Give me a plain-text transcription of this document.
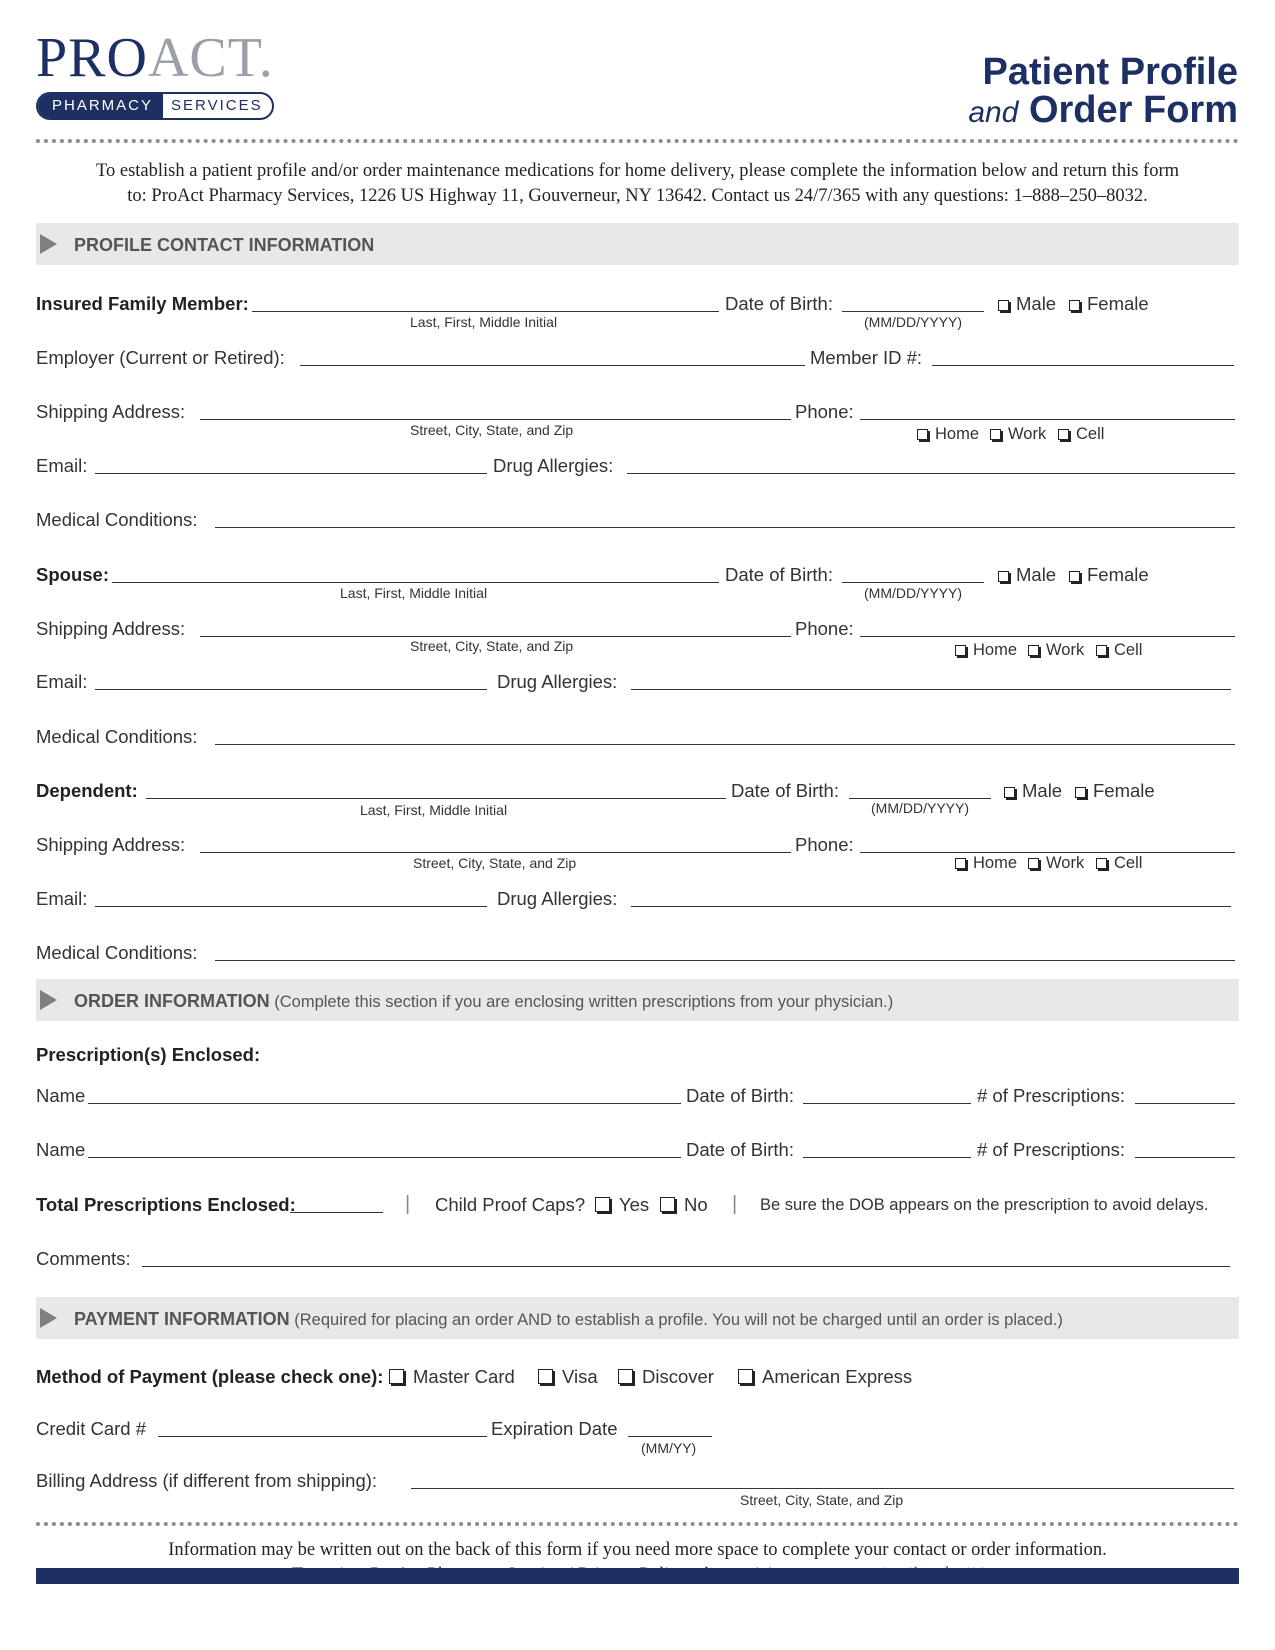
PROACT.
PHARMACY	SERVICES
Patient Profile
and Order Form
To establish a patient profile and/or order maintenance medications for home delivery, please complete the information below and return this form
to: ProAct Pharmacy Services, 1226 US Highway 11, Gouverneur, NY 13642. Contact us 24/7/365 with any questions: 1–888–250–8032.
PROFILE CONTACT INFORMATION
Insured Family Member:
Last, First, Middle Initial
Date of Birth:
(MM/DD/YYYY)
Male	Female
Employer (Current or Retired):	Member ID #:
Shipping Address:
Street, City, State, and Zip
Phone:
Home	Work	Cell
Email:	Drug Allergies:
Medical Conditions:
Spouse:
Last, First, Middle Initial
Date of Birth:
(MM/DD/YYYY)
Male	Female
Shipping Address:
Street, City, State, and Zip
Phone:
Home	Work	Cell
Email:	Drug Allergies:
Medical Conditions:
Dependent:
Last, First, Middle Initial
Date of Birth:
(MM/DD/YYYY)
Male	Female
Shipping Address:
Street, City, State, and Zip
Phone:
Home	Work	Cell
Email:	Drug Allergies:
Medical Conditions:
ORDER INFORMATION (Complete this section if you are enclosing written prescriptions from your physician.)
Prescription(s) Enclosed:
Name	Date of Birth:	# of Prescriptions:
Name	Date of Birth:	# of Prescriptions:
Total Prescriptions Enclosed:	| Child Proof Caps?	Yes	No | Be sure the DOB appears on the prescription to avoid delays.
Comments:
PAYMENT INFORMATION (Required for placing an order AND to establish a profile. You will not be charged until an order is placed.)
Method of Payment (please check one):	Master Card	Visa	Discover	American Express
Credit Card #	Expiration Date
(MM/YY)
Billing Address (if different from shipping):
Street, City, State, and Zip
Information may be written out on the back of this form if you need more space to complete your contact or order information.
